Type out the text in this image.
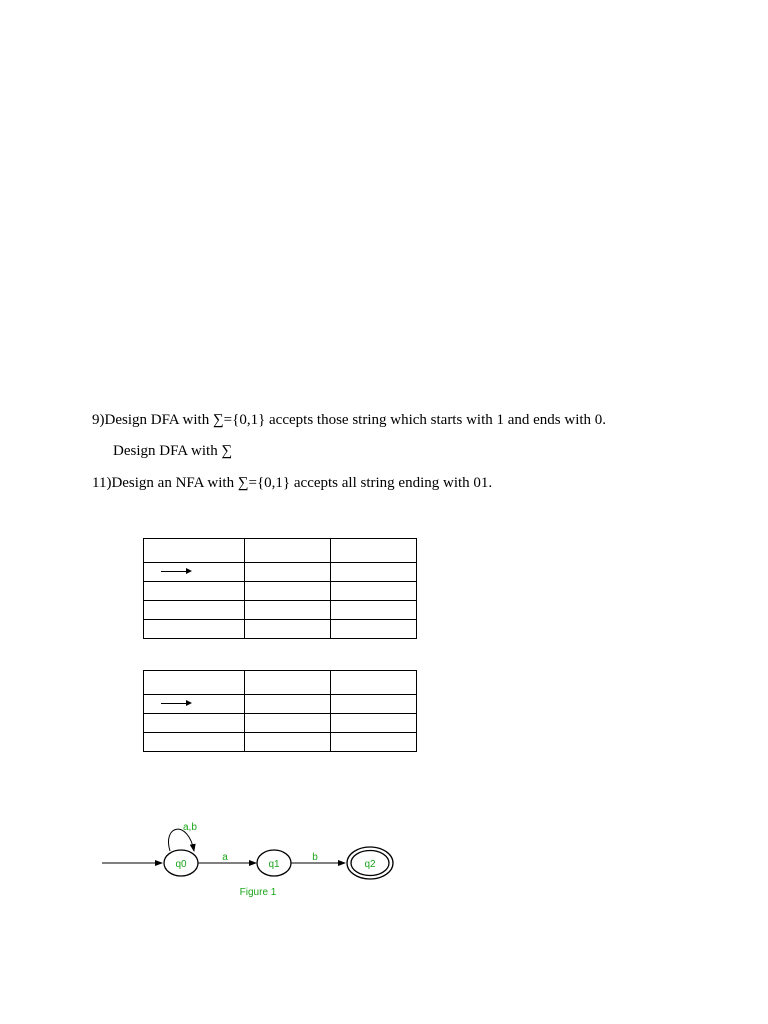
9)Design DFA with ∑={0,1} accepts those string which starts with 1 and ends with 0.
Design DFA with ∑
11)Design an NFA with ∑={0,1} accepts all string ending with 01.

a,b
q0
a
q1
b
q2
Figure 1
